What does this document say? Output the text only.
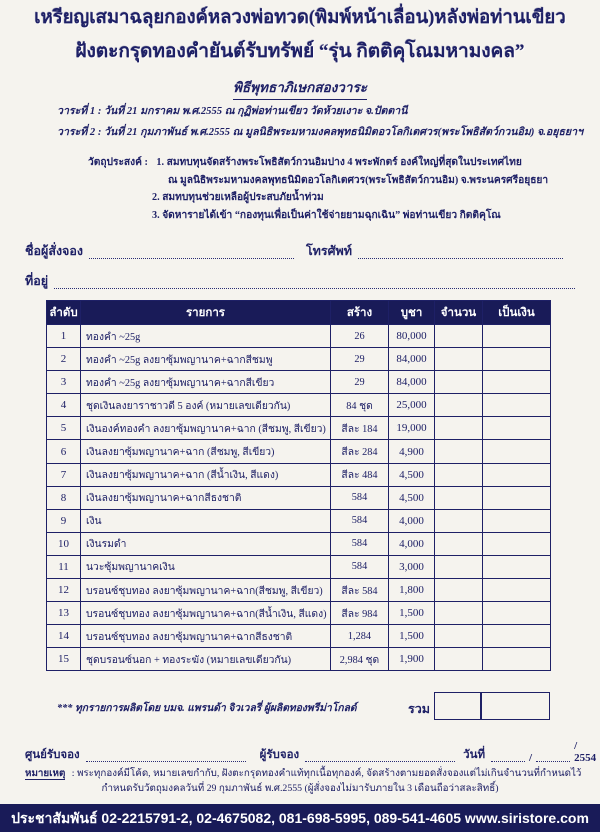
เหรียญเสมาฉลุยกองค์หลวงพ่อทวด(พิมพ์หน้าเลื่อน)หลังพ่อท่านเขียว
ฝังตะกรุดทองคำยันต์รับทรัพย์ “รุ่น กิตติคุโณมหามงคล”
พิธีพุทธาภิเษกสองวาระ
วาระที่ 1 : วันที่ 21 มกราคม พ.ศ.2555 ณ กุฏิพ่อท่านเขียว วัดห้วยเงาะ จ.ปัตตานี
วาระที่ 2 : วันที่ 21 กุมภาพันธ์ พ.ศ.2555 ณ มูลนิธิพระมหามงคลพุทธนิมิตอวโลกิเตศวร(พระโพธิสัตว์กวนอิม) จ.อยุธยาฯ
วัตถุประสงค์ : 1. สมทบทุนจัดสร้างพระโพธิสัตว์กวนอิมปาง 4 พระพักตร์ องค์ใหญ่ที่สุดในประเทศไทย
ณ มูลนิธิพระมหามงคลพุทธนิมิตอวโลกิเตศวร(พระโพธิสัตว์กวนอิม) จ.พระนครศรีอยุธยา
2. สมทบทุนช่วยเหลือผู้ประสบภัยน้ำท่วม
3. จัดหารายได้เข้า “กองทุนเพื่อเป็นค่าใช้จ่ายยามฉุกเฉิน” พ่อท่านเขียว กิตติคุโณ
ชื่อผู้สั่งจอง	โทรศัพท์
ที่อยู่
ลำดับ	รายการ	สร้าง	บูชา	จำนวน	เป็นเงิน
1	ทองคำ ~25g	26	80,000		
2	ทองคำ ~25g ลงยาซุ้มพญานาค+ฉากสีชมพู	29	84,000		
3	ทองคำ ~25g ลงยาซุ้มพญานาค+ฉากสีเขียว	29	84,000		
4	ชุดเงินลงยาราชาวดี 5 องค์ (หมายเลขเดียวกัน)	84 ชุด	25,000		
5	เงินองค์ทองคำ ลงยาซุ้มพญานาค+ฉาก (สีชมพู, สีเขียว)	สีละ 184	19,000		
6	เงินลงยาซุ้มพญานาค+ฉาก (สีชมพู, สีเขียว)	สีละ 284	4,900		
7	เงินลงยาซุ้มพญานาค+ฉาก (สีน้ำเงิน, สีแดง)	สีละ 484	4,500		
8	เงินลงยาซุ้มพญานาค+ฉากสีธงชาติ	584	4,500		
9	เงิน	584	4,000		
10	เงินรมดำ	584	4,000		
11	นวะซุ้มพญานาคเงิน	584	3,000		
12	บรอนซ์ชุบทอง ลงยาซุ้มพญานาค+ฉาก(สีชมพู, สีเขียว)	สีละ 584	1,800		
13	บรอนซ์ชุบทอง ลงยาซุ้มพญานาค+ฉาก(สีน้ำเงิน, สีแดง)	สีละ 984	1,500		
14	บรอนซ์ชุบทอง ลงยาซุ้มพญานาค+ฉากสีธงชาติ	1,284	1,500		
15	ชุดบรอนซ์นอก + ทองระฆัง (หมายเลขเดียวกัน)	2,984 ชุด	1,900		
*** ทุกรายการผลิตโดย บมจ. แพรนด้า จิวเวลรี่ ผู้ผลิตทองพรีม่าโกลด์	รวม
ศูนย์รับจอง	ผู้รับจอง	วันที่	/
/ 2554
หมายเหตุ : พระทุกองค์มีโค้ด, หมายเลขกำกับ, ฝังตะกรุดทองคำแท้ทุกเนื้อทุกองค์, จัดสร้างตามยอดสั่งจองแต่ไม่เกินจำนวนที่กำหนดไว้
กำหนดรับวัตถุมงคลวันที่ 29 กุมภาพันธ์ พ.ศ.2555 (ผู้สั่งจองไม่มารับภายใน 3 เดือนถือว่าสละสิทธิ์)
ประชาสัมพันธ์ 02-2215791-2, 02-4675082, 081-698-5995, 089-541-4605 www.siristore.com
